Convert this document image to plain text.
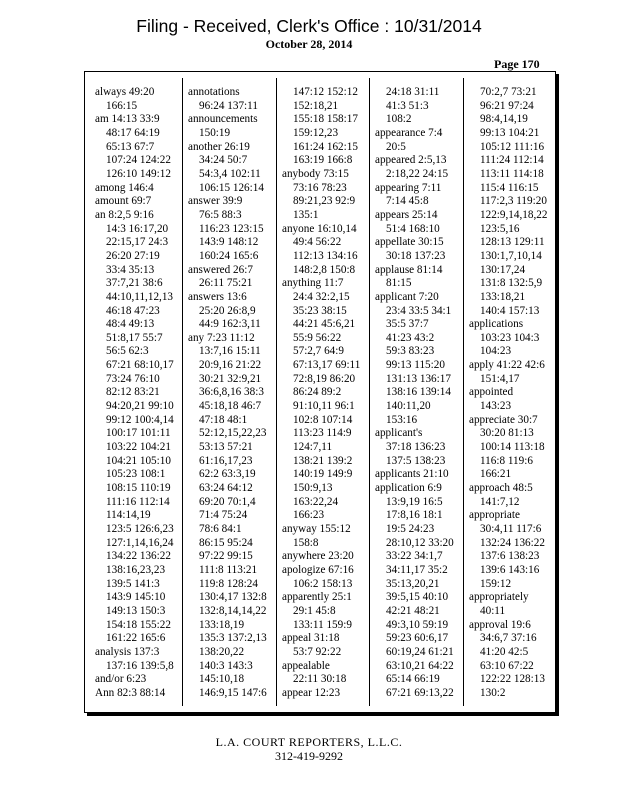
Filing - Received, Clerk's Office : 10/31/2014
October 28, 2014
Page 170
always 49:20
166:15
am 14:13 33:9
48:17 64:19
65:13 67:7
107:24 124:22
126:10 149:12
among 146:4
amount 69:7
an 8:2,5 9:16
14:3 16:17,20
22:15,17 24:3
26:20 27:19
33:4 35:13
37:7,21 38:6
44:10,11,12,13
46:18 47:23
48:4 49:13
51:8,17 55:7
56:5 62:3
67:21 68:10,17
73:24 76:10
82:12 83:21
94:20,21 99:10
99:12 100:4,14
100:17 101:11
103:22 104:21
104:21 105:10
105:23 108:1
108:15 110:19
111:16 112:14
114:14,19
123:5 126:6,23
127:1,14,16,24
134:22 136:22
138:16,23,23
139:5 141:3
143:9 145:10
149:13 150:3
154:18 155:22
161:22 165:6
analysis 137:3
137:16 139:5,8
and/or 6:23
Ann 82:3 88:14
annotations
96:24 137:11
announcements
150:19
another 26:19
34:24 50:7
54:3,4 102:11
106:15 126:14
answer 39:9
76:5 88:3
116:23 123:15
143:9 148:12
160:24 165:6
answered 26:7
26:11 75:21
answers 13:6
25:20 26:8,9
44:9 162:3,11
any 7:23 11:12
13:7,16 15:11
20:9,16 21:22
30:21 32:9,21
36:6,8,16 38:3
45:18,18 46:7
47:18 48:1
52:12,15,22,23
53:13 57:21
61:16,17,23
62:2 63:3,19
63:24 64:12
69:20 70:1,4
71:4 75:24
78:6 84:1
86:15 95:24
97:22 99:15
111:8 113:21
119:8 128:24
130:4,17 132:8
132:8,14,14,22
133:18,19
135:3 137:2,13
138:20,22
140:3 143:3
145:10,18
146:9,15 147:6
147:12 152:12
152:18,21
155:18 158:17
159:12,23
161:24 162:15
163:19 166:8
anybody 73:15
73:16 78:23
89:21,23 92:9
135:1
anyone 16:10,14
49:4 56:22
112:13 134:16
148:2,8 150:8
anything 11:7
24:4 32:2,15
35:23 38:15
44:21 45:6,21
55:9 56:22
57:2,7 64:9
67:13,17 69:11
72:8,19 86:20
86:24 89:2
91:10,11 96:1
102:8 107:14
113:23 114:9
124:7,11
138:21 139:2
140:19 149:9
150:9,13
163:22,24
166:23
anyway 155:12
158:8
anywhere 23:20
apologize 67:16
106:2 158:13
apparently 25:1
29:1 45:8
133:11 159:9
appeal 31:18
53:7 92:22
appealable
22:11 30:18
appear 12:23
24:18 31:11
41:3 51:3
108:2
appearance 7:4
20:5
appeared 2:5,13
2:18,22 24:15
appearing 7:11
7:14 45:8
appears 25:14
51:4 168:10
appellate 30:15
30:18 137:23
applause 81:14
81:15
applicant 7:20
23:4 33:5 34:1
35:5 37:7
41:23 43:2
59:3 83:23
99:13 115:20
131:13 136:17
138:16 139:14
140:11,20
153:16
applicant's
37:18 136:23
137:5 138:23
applicants 21:10
application 6:9
13:9,19 16:5
17:8,16 18:1
19:5 24:23
28:10,12 33:20
33:22 34:1,7
34:11,17 35:2
35:13,20,21
39:5,15 40:10
42:21 48:21
49:3,10 59:19
59:23 60:6,17
60:19,24 61:21
63:10,21 64:22
65:14 66:19
67:21 69:13,22
70:2,7 73:21
96:21 97:24
98:4,14,19
99:13 104:21
105:12 111:16
111:24 112:14
113:11 114:18
115:4 116:15
117:2,3 119:20
122:9,14,18,22
123:5,16
128:13 129:11
130:1,7,10,14
130:17,24
131:8 132:5,9
133:18,21
140:4 157:13
applications
103:23 104:3
104:23
apply 41:22 42:6
151:4,17
appointed
143:23
appreciate 30:7
30:20 81:13
100:14 113:18
116:8 119:6
166:21
approach 48:5
141:7,12
appropriate
30:4,11 117:6
132:24 136:22
137:6 138:23
139:6 143:16
159:12
appropriately
40:11
approval 19:6
34:6,7 37:16
41:20 42:5
63:10 67:22
122:22 128:13
130:2
L.A. COURT REPORTERS, L.L.C.
312-419-9292
